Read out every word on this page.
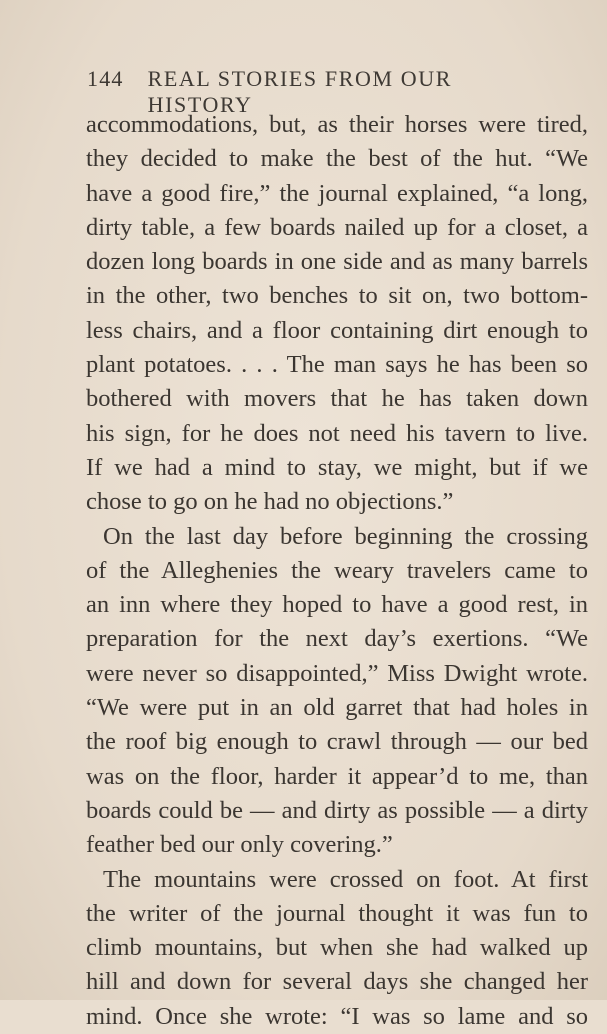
144 REAL STORIES FROM OUR HISTORY
accommodations, but, as their horses were tired,
they decided to make the best of the hut. “We
have a good fire,” the journal explained, “a long,
dirty table, a few boards nailed up for a closet, a
dozen long boards in one side and as many barrels
in the other, two benches to sit on, two bottom-
less chairs, and a floor containing dirt enough to
plant potatoes. . . . The man says he has been so
bothered with movers that he has taken down
his sign, for he does not need his tavern to live.
If we had a mind to stay, we might, but if we
chose to go on he had no objections.”
On the last day before beginning the crossing
of the Alleghenies the weary travelers came to
an inn where they hoped to have a good rest, in
preparation for the next day’s exertions. “We
were never so disappointed,” Miss Dwight wrote.
“We were put in an old garret that had holes in
the roof big enough to crawl through — our bed
was on the floor, harder it appear’d to me, than
boards could be — and dirty as possible — a dirty
feather bed our only covering.”
The mountains were crossed on foot. At first
the writer of the journal thought it was fun to
climb mountains, but when she had walked up
hill and down for several days she changed her
mind. Once she wrote: “I was so lame and so
